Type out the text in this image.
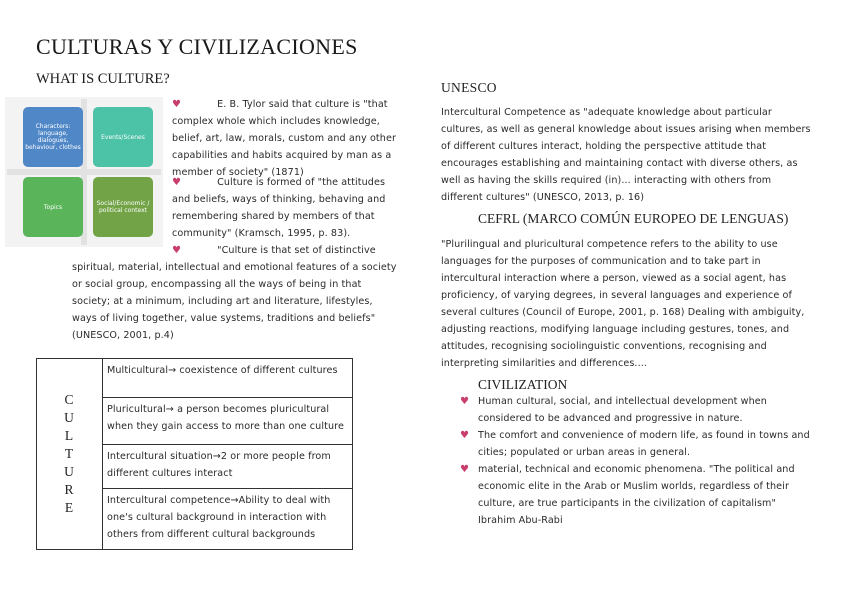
CULTURAS Y CIVILIZACIONES
WHAT IS CULTURE?
Characters: language, dialogues, behaviour, clothes
Events/Scenes
Topics	Social/Economic / political context
♥	E. B. Tylor said that culture is "that complex whole which includes knowledge, belief, art, law, morals, custom and any other capabilities and habits acquired by man as a member of society" (1871)
♥	Culture is formed of "the attitudes and beliefs, ways of thinking, behaving and remembering shared by members of that community" (Kramsch, 1995, p. 83).
♥	"Culture is that set of distinctive
spiritual, material, intellectual and emotional features of a society or social group, encompassing all the ways of being in that society; at a minimum, including art and literature, lifestyles, ways of living together, value systems, traditions and beliefs" (UNESCO, 2001, p.4)
C
U
L
T
U
R
E
	Multicultural→ coexistence of different cultures
Pluricultural→ a person becomes pluricultural when they gain access to more than one culture
Intercultural situation→2 or more people from different cultures interact
Intercultural competence→Ability to deal with one's cultural background in interaction with others from different cultural backgrounds
UNESCO
Intercultural Competence as "adequate knowledge about particular cultures, as well as general knowledge about issues arising when members of different cultures interact, holding the perspective attitude that encourages establishing and maintaining contact with diverse others, as well as having the skills required (in)... interacting with others from different cultures" (UNESCO, 2013, p. 16)
CEFRL (MARCO COMÚN EUROPEO DE LENGUAS)
"Plurilingual and pluricultural competence refers to the ability to use languages for the purposes of communication and to take part in intercultural interaction where a person, viewed as a social agent, has proficiency, of varying degrees, in several languages and experience of several cultures (Council of Europe, 2001, p. 168) Dealing with ambiguity, adjusting reactions, modifying language including gestures, tones, and attitudes, recognising sociolinguistic conventions, recognising and interpreting similarities and differences....
CIVILIZATION
♥ Human cultural, social, and intellectual development when considered to be advanced and progressive in nature.
♥ The comfort and convenience of modern life, as found in towns and cities; populated or urban areas in general.
♥ material, technical and economic phenomena. "The political and economic elite in the Arab or Muslim worlds, regardless of their culture, are true participants in the civilization of capitalism"
Ibrahim Abu-Rabi
